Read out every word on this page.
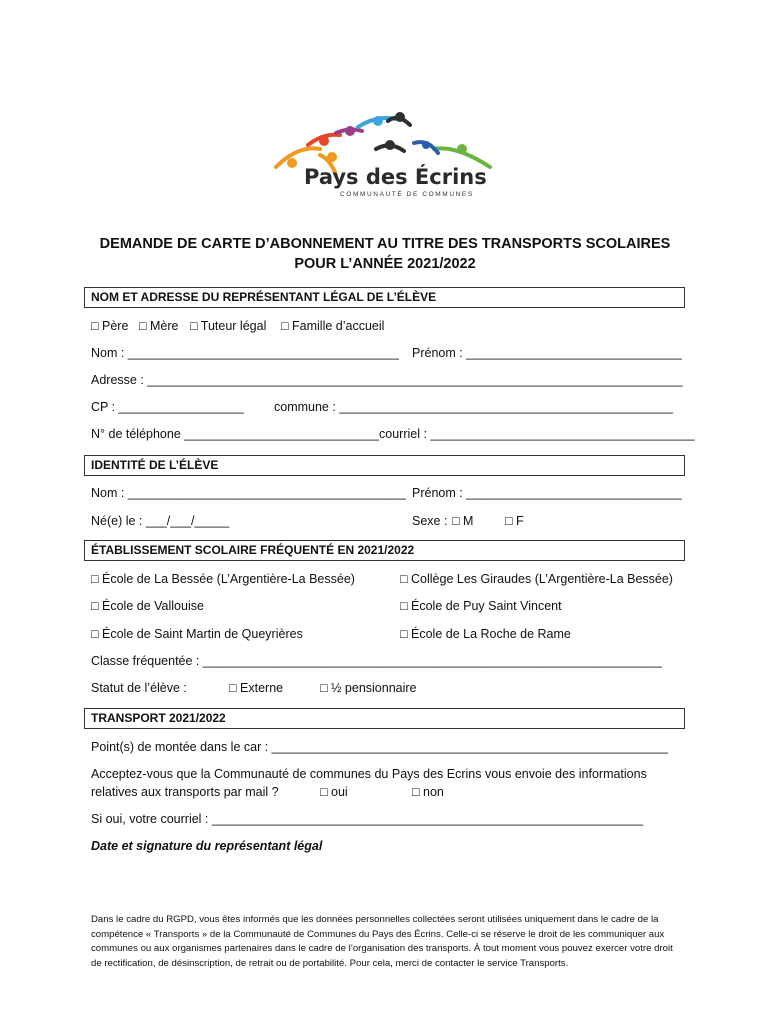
Pays des Écrins
COMMUNAUTÉ DE COMMUNES
DEMANDE DE CARTE D’ABONNEMENT AU TITRE DES TRANSPORTS SCOLAIRES
POUR L’ANNÉE 2021/2022
NOM ET ADRESSE DU REPRÉSENTANT LÉGAL DE L’ÉLÈVE
□ Père □ Mère □ Tuteur légal □ Famille d’accueil
Nom : _______________________________________ Prénom : _______________________________
Adresse : _____________________________________________________________________________
CP : __________________ commune : ________________________________________________
N° de téléphone ____________________________ courriel : ______________________________________
IDENTITÉ DE L’ÉLÈVE
Nom : ________________________________________ Prénom : _______________________________
Né(e) le : ___/___/_____	Sexe : □ M	□ F
ÉTABLISSEMENT SCOLAIRE FRÉQUENTÉ EN 2021/2022
□ École de La Bessée (L’Argentière-La Bessée)	□ Collège Les Giraudes (L’Argentière-La Bessée)
□ École de Vallouise	□ École de Puy Saint Vincent
□ École de Saint Martin de Queyrières	□ École de La Roche de Rame
Classe fréquentée : __________________________________________________________________
Statut de l’élève :	□ Externe	□ ½ pensionnaire
TRANSPORT 2021/2022
Point(s) de montée dans le car : _________________________________________________________
Acceptez-vous que la Communauté de communes du Pays des Ecrins vous envoie des informations
relatives aux transports par mail ?	□ oui	□ non
Si oui, votre courriel : ______________________________________________________________
Date et signature du représentant légal
Dans le cadre du RGPD, vous êtes informés que les données personnelles collectées seront utilisées uniquement dans le cadre de la compétence « Transports » de la Communauté de Communes du Pays des Écrins. Celle-ci se réserve le droit de les communiquer aux communes ou aux organismes partenaires dans le cadre de l’organisation des transports. À tout moment vous pouvez exercer votre droit de rectification, de désinscription, de retrait ou de portabilité. Pour cela, merci de contacter le service Transports.
